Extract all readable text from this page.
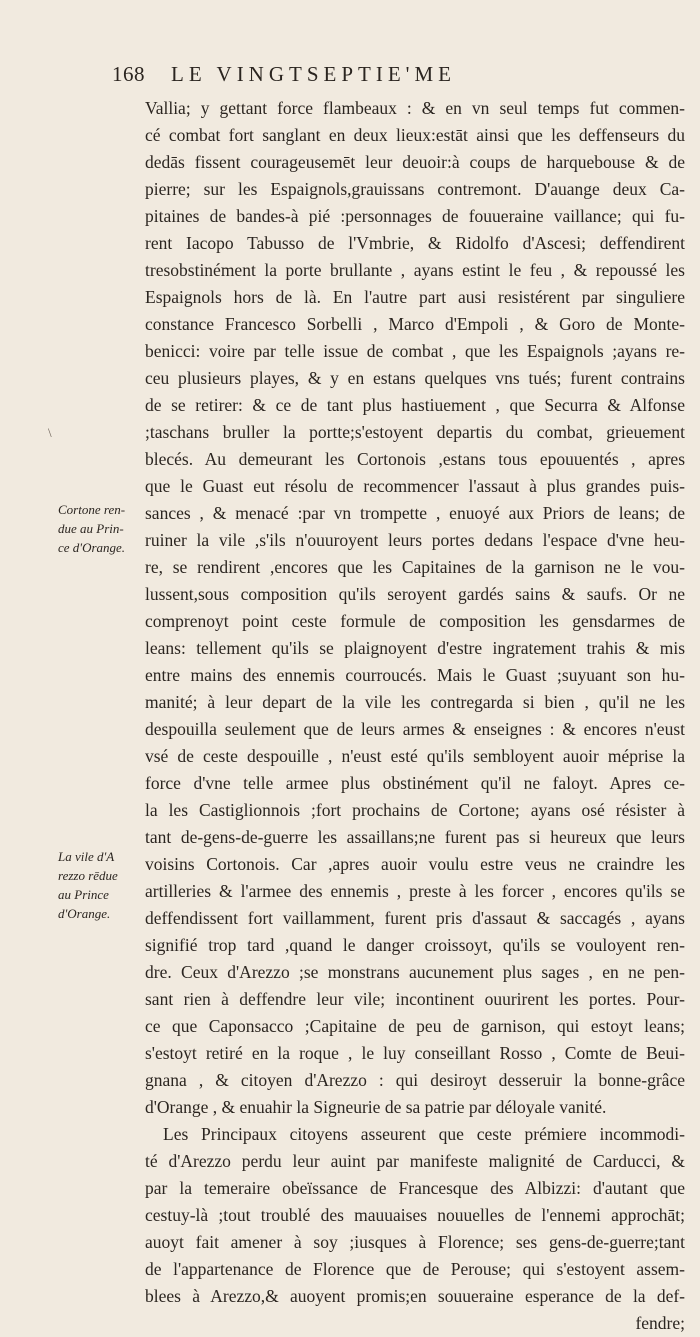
168 LE VINGTSEPTIE'ME
\
Cortone ren-
due au Prin-
ce d'Orange.
La vile d'A
rezzo rēdue
au Prince
d'Orange.
Vallia; y gettant force flambeaux : & en vn seul temps fut commen-
cé combat fort sanglant en deux lieux:estāt ainsi que les deffenseurs du
dedās fissent courageusemēt leur deuoir:à coups de harquebouse & de
pierre; sur les Espaignols,grauissans contremont. D'auange deux Ca-
pitaines de bandes-à pié :personnages de fouueraine vaillance; qui fu-
rent Iacopo Tabusso de l'Vmbrie, & Ridolfo d'Ascesi; deffendirent
tresobstinément la porte brullante , ayans estint le feu , & repoussé les
Espaignols hors de là. En l'autre part ausi resistérent par singuliere
constance Francesco Sorbelli , Marco d'Empoli , & Goro de Monte-
benicci: voire par telle issue de combat , que les Espaignols ;ayans re-
ceu plusieurs playes, & y en estans quelques vns tués; furent contrains
de se retirer: & ce de tant plus hastiuement , que Securra & Alfonse
;taschans bruller la portte;s'estoyent departis du combat, grieuement
blecés. Au demeurant les Cortonois ,estans tous epouuentés , apres
que le Guast eut résolu de recommencer l'assaut à plus grandes puis-
sances , & menacé :par vn trompette , enuoyé aux Priors de leans; de
ruiner la vile ,s'ils n'ouuroyent leurs portes dedans l'espace d'vne heu-
re, se rendirent ,encores que les Capitaines de la garnison ne le vou-
lussent,sous composition qu'ils seroyent gardés sains & saufs. Or ne
comprenoyt point ceste formule de composition les gensdarmes de
leans: tellement qu'ils se plaignoyent d'estre ingratement trahis & mis
entre mains des ennemis courroucés. Mais le Guast ;suyuant son hu-
manité; à leur depart de la vile les contregarda si bien , qu'il ne les
despouilla seulement que de leurs armes & enseignes : & encores n'eust
vsé de ceste despouille , n'eust esté qu'ils sembloyent auoir méprise la
force d'vne telle armee plus obstinément qu'il ne faloyt. Apres ce-
la les Castiglionnois ;fort prochains de Cortone; ayans osé résister à
tant de-gens-de-guerre les assaillans;ne furent pas si heureux que leurs
voisins Cortonois. Car ,apres auoir voulu estre veus ne craindre les
artilleries & l'armee des ennemis , preste à les forcer , encores qu'ils se
deffendissent fort vaillamment, furent pris d'assaut & saccagés , ayans
signifié trop tard ,quand le danger croissoyt, qu'ils se vouloyent ren-
dre. Ceux d'Arezzo ;se monstrans aucunement plus sages , en ne pen-
sant rien à deffendre leur vile; incontinent ouurirent les portes. Pour-
ce que Caponsacco ;Capitaine de peu de garnison, qui estoyt leans;
s'estoyt retiré en la roque , le luy conseillant Rosso , Comte de Beui-
gnana , & citoyen d'Arezzo : qui desiroyt desseruir la bonne-grâce
d'Orange , & enuahir la Signeurie de sa patrie par déloyale vanité.
Les Principaux citoyens asseurent que ceste prémiere incommodi-
té d'Arezzo perdu leur auint par manifeste malignité de Carducci, &
par la temeraire obeïssance de Francesque des Albizzi: d'autant que
cestuy-là ;tout troublé des mauuaises nouuelles de l'ennemi approchāt;
auoyt fait amener à soy ;iusques à Florence; ses gens-de-guerre;tant
de l'appartenance de Florence que de Perouse; qui s'estoyent assem-
blees à Arezzo,& auoyent promis;en souueraine esperance de la def-
fendre;
